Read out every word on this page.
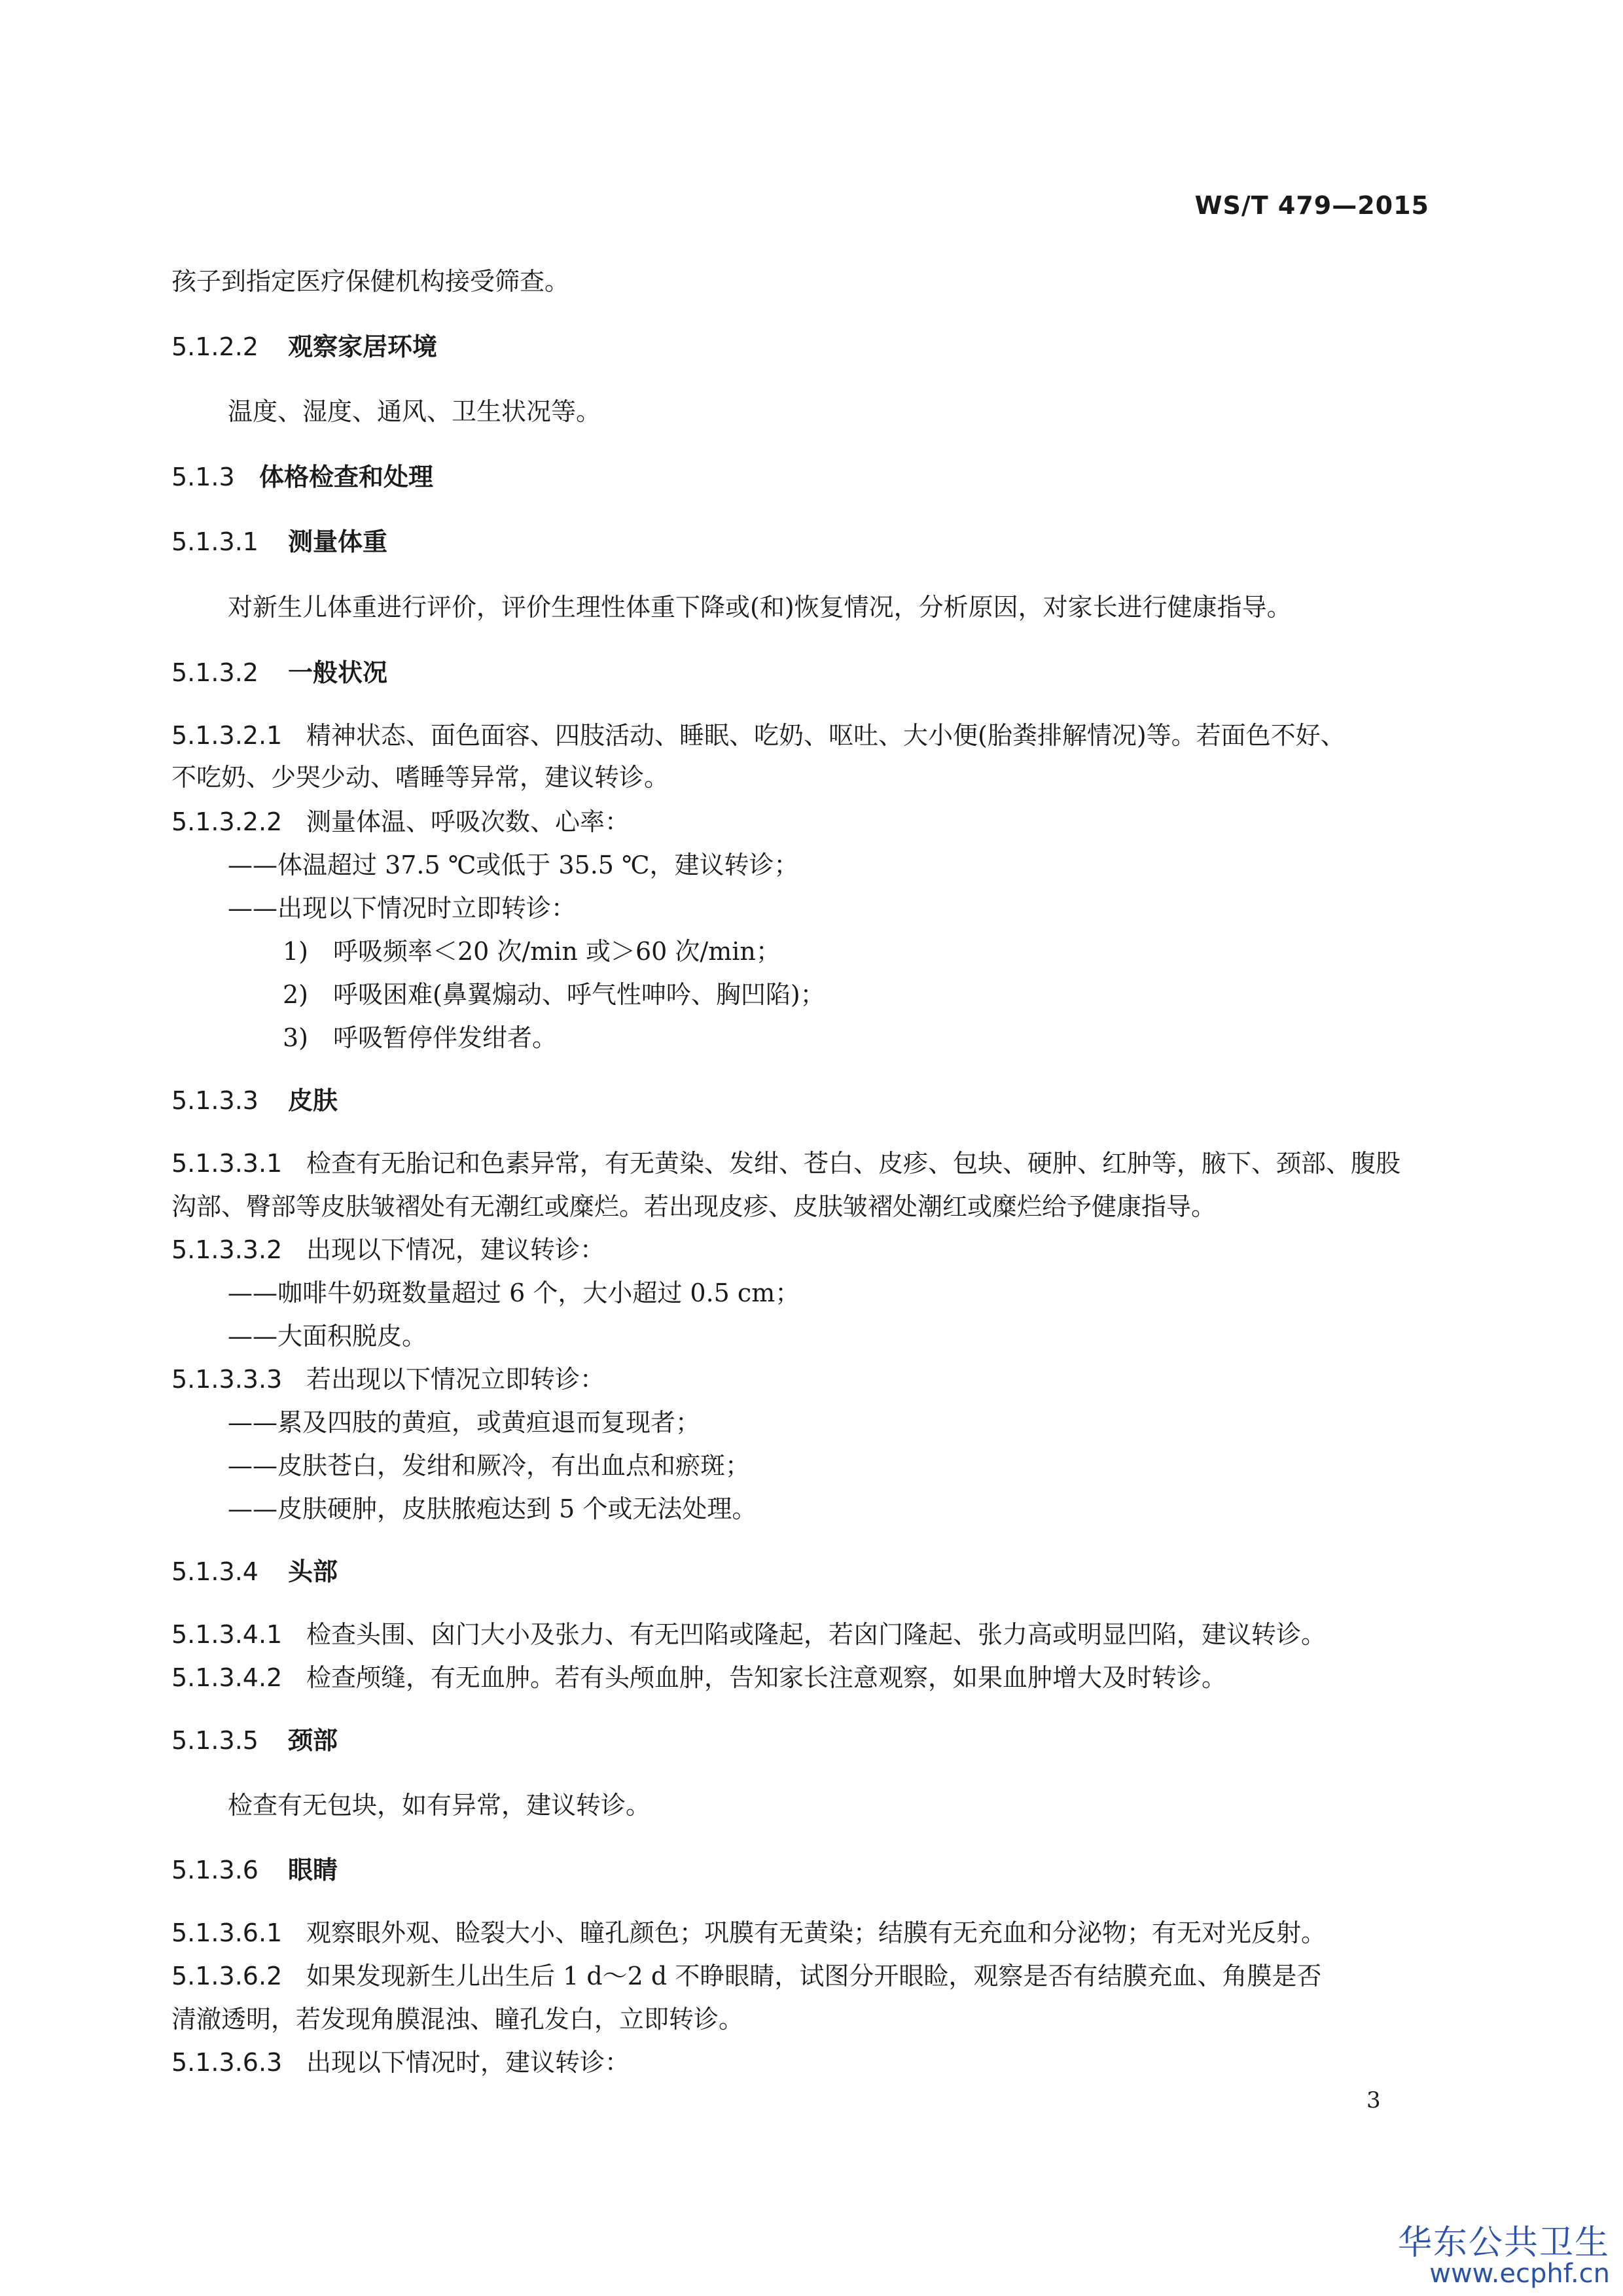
WS/T 479—2015
孩子到指定医疗保健机构接受筛查。
5.1.2.2 观察家居环境
温度、湿度、通风、卫生状况等。
5.1.3 体格检查和处理
5.1.3.1 测量体重
对新生儿体重进行评价，评价生理性体重下降或(和)恢复情况，分析原因，对家长进行健康指导。
5.1.3.2 一般状况
5.1.3.2.1 精神状态、面色面容、四肢活动、睡眠、吃奶、呕吐、大小便(胎粪排解情况)等。若面色不好、
不吃奶、少哭少动、嗜睡等异常，建议转诊。
5.1.3.2.2 测量体温、呼吸次数、心率：
——体温超过 37.5 ℃或低于 35.5 ℃，建议转诊；
——出现以下情况时立即转诊：
1)　呼吸频率＜20 次/min 或＞60 次/min；
2)　呼吸困难(鼻翼煽动、呼气性呻吟、胸凹陷)；
3)　呼吸暂停伴发绀者。
5.1.3.3 皮肤
5.1.3.3.1 检查有无胎记和色素异常，有无黄染、发绀、苍白、皮疹、包块、硬肿、红肿等，腋下、颈部、腹股
沟部、臀部等皮肤皱褶处有无潮红或糜烂。若出现皮疹、皮肤皱褶处潮红或糜烂给予健康指导。
5.1.3.3.2 出现以下情况，建议转诊：
——咖啡牛奶斑数量超过 6 个，大小超过 0.5 cm；
——大面积脱皮。
5.1.3.3.3 若出现以下情况立即转诊：
——累及四肢的黄疸，或黄疸退而复现者；
——皮肤苍白，发绀和厥冷，有出血点和瘀斑；
——皮肤硬肿，皮肤脓疱达到 5 个或无法处理。
5.1.3.4 头部
5.1.3.4.1 检查头围、囟门大小及张力、有无凹陷或隆起，若囟门隆起、张力高或明显凹陷，建议转诊。
5.1.3.4.2 检查颅缝，有无血肿。若有头颅血肿，告知家长注意观察，如果血肿增大及时转诊。
5.1.3.5 颈部
检查有无包块，如有异常，建议转诊。
5.1.3.6 眼睛
5.1.3.6.1 观察眼外观、睑裂大小、瞳孔颜色；巩膜有无黄染；结膜有无充血和分泌物；有无对光反射。
5.1.3.6.2 如果发现新生儿出生后 1 d～2 d 不睁眼睛，试图分开眼睑，观察是否有结膜充血、角膜是否
清澈透明，若发现角膜混浊、瞳孔发白，立即转诊。
5.1.3.6.3 出现以下情况时，建议转诊：
3
华东公共卫生
www.ecphf.cn
